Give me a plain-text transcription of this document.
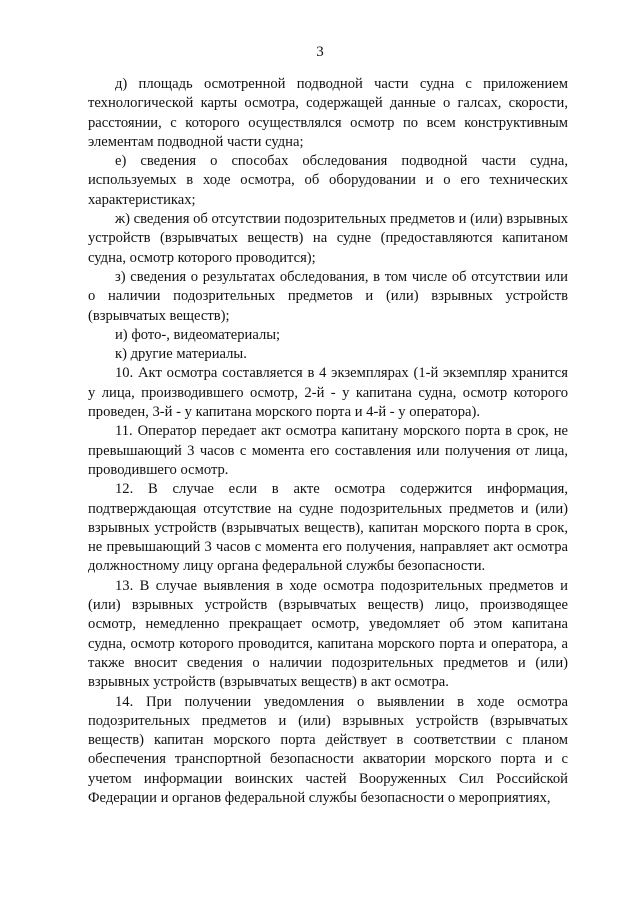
3

д) площадь осмотренной подводной части судна с приложением технологической карты осмотра, содержащей данные о галсах, скорости, расстоянии, с которого осуществлялся осмотр по всем конструктивным элементам подводной части судна;

е) сведения о способах обследования подводной части судна, используемых в ходе осмотра, об оборудовании и о его технических характеристиках;

ж) сведения об отсутствии подозрительных предметов и (или) взрывных устройств (взрывчатых веществ) на судне (предоставляются капитаном судна, осмотр которого проводится);

з) сведения о результатах обследования, в том числе об отсутствии или о наличии подозрительных предметов и (или) взрывных устройств (взрывчатых веществ);

и) фото-, видеоматериалы;

к) другие материалы.

10. Акт осмотра составляется в 4 экземплярах (1-й экземпляр хранится у лица, производившего осмотр, 2-й - у капитана судна, осмотр которого проведен, 3-й - у капитана морского порта и 4-й - у оператора).

11. Оператор передает акт осмотра капитану морского порта в срок, не превышающий 3 часов с момента его составления или получения от лица, проводившего осмотр.

12. В случае если в акте осмотра содержится информация, подтверждающая отсутствие на судне подозрительных предметов и (или) взрывных устройств (взрывчатых веществ), капитан морского порта в срок, не превышающий 3 часов с момента его получения, направляет акт осмотра должностному лицу органа федеральной службы безопасности.

13. В случае выявления в ходе осмотра подозрительных предметов и (или) взрывных устройств (взрывчатых веществ) лицо, производящее осмотр, немедленно прекращает осмотр, уведомляет об этом капитана судна, осмотр которого проводится, капитана морского порта и оператора, а также вносит сведения о наличии подозрительных предметов и (или) взрывных устройств (взрывчатых веществ) в акт осмотра.

14. При получении уведомления о выявлении в ходе осмотра подозрительных предметов и (или) взрывных устройств (взрывчатых веществ) капитан морского порта действует в соответствии с планом обеспечения транспортной безопасности акватории морского порта и с учетом информации воинских частей Вооруженных Сил Российской Федерации и органов федеральной службы безопасности о мероприятиях,
